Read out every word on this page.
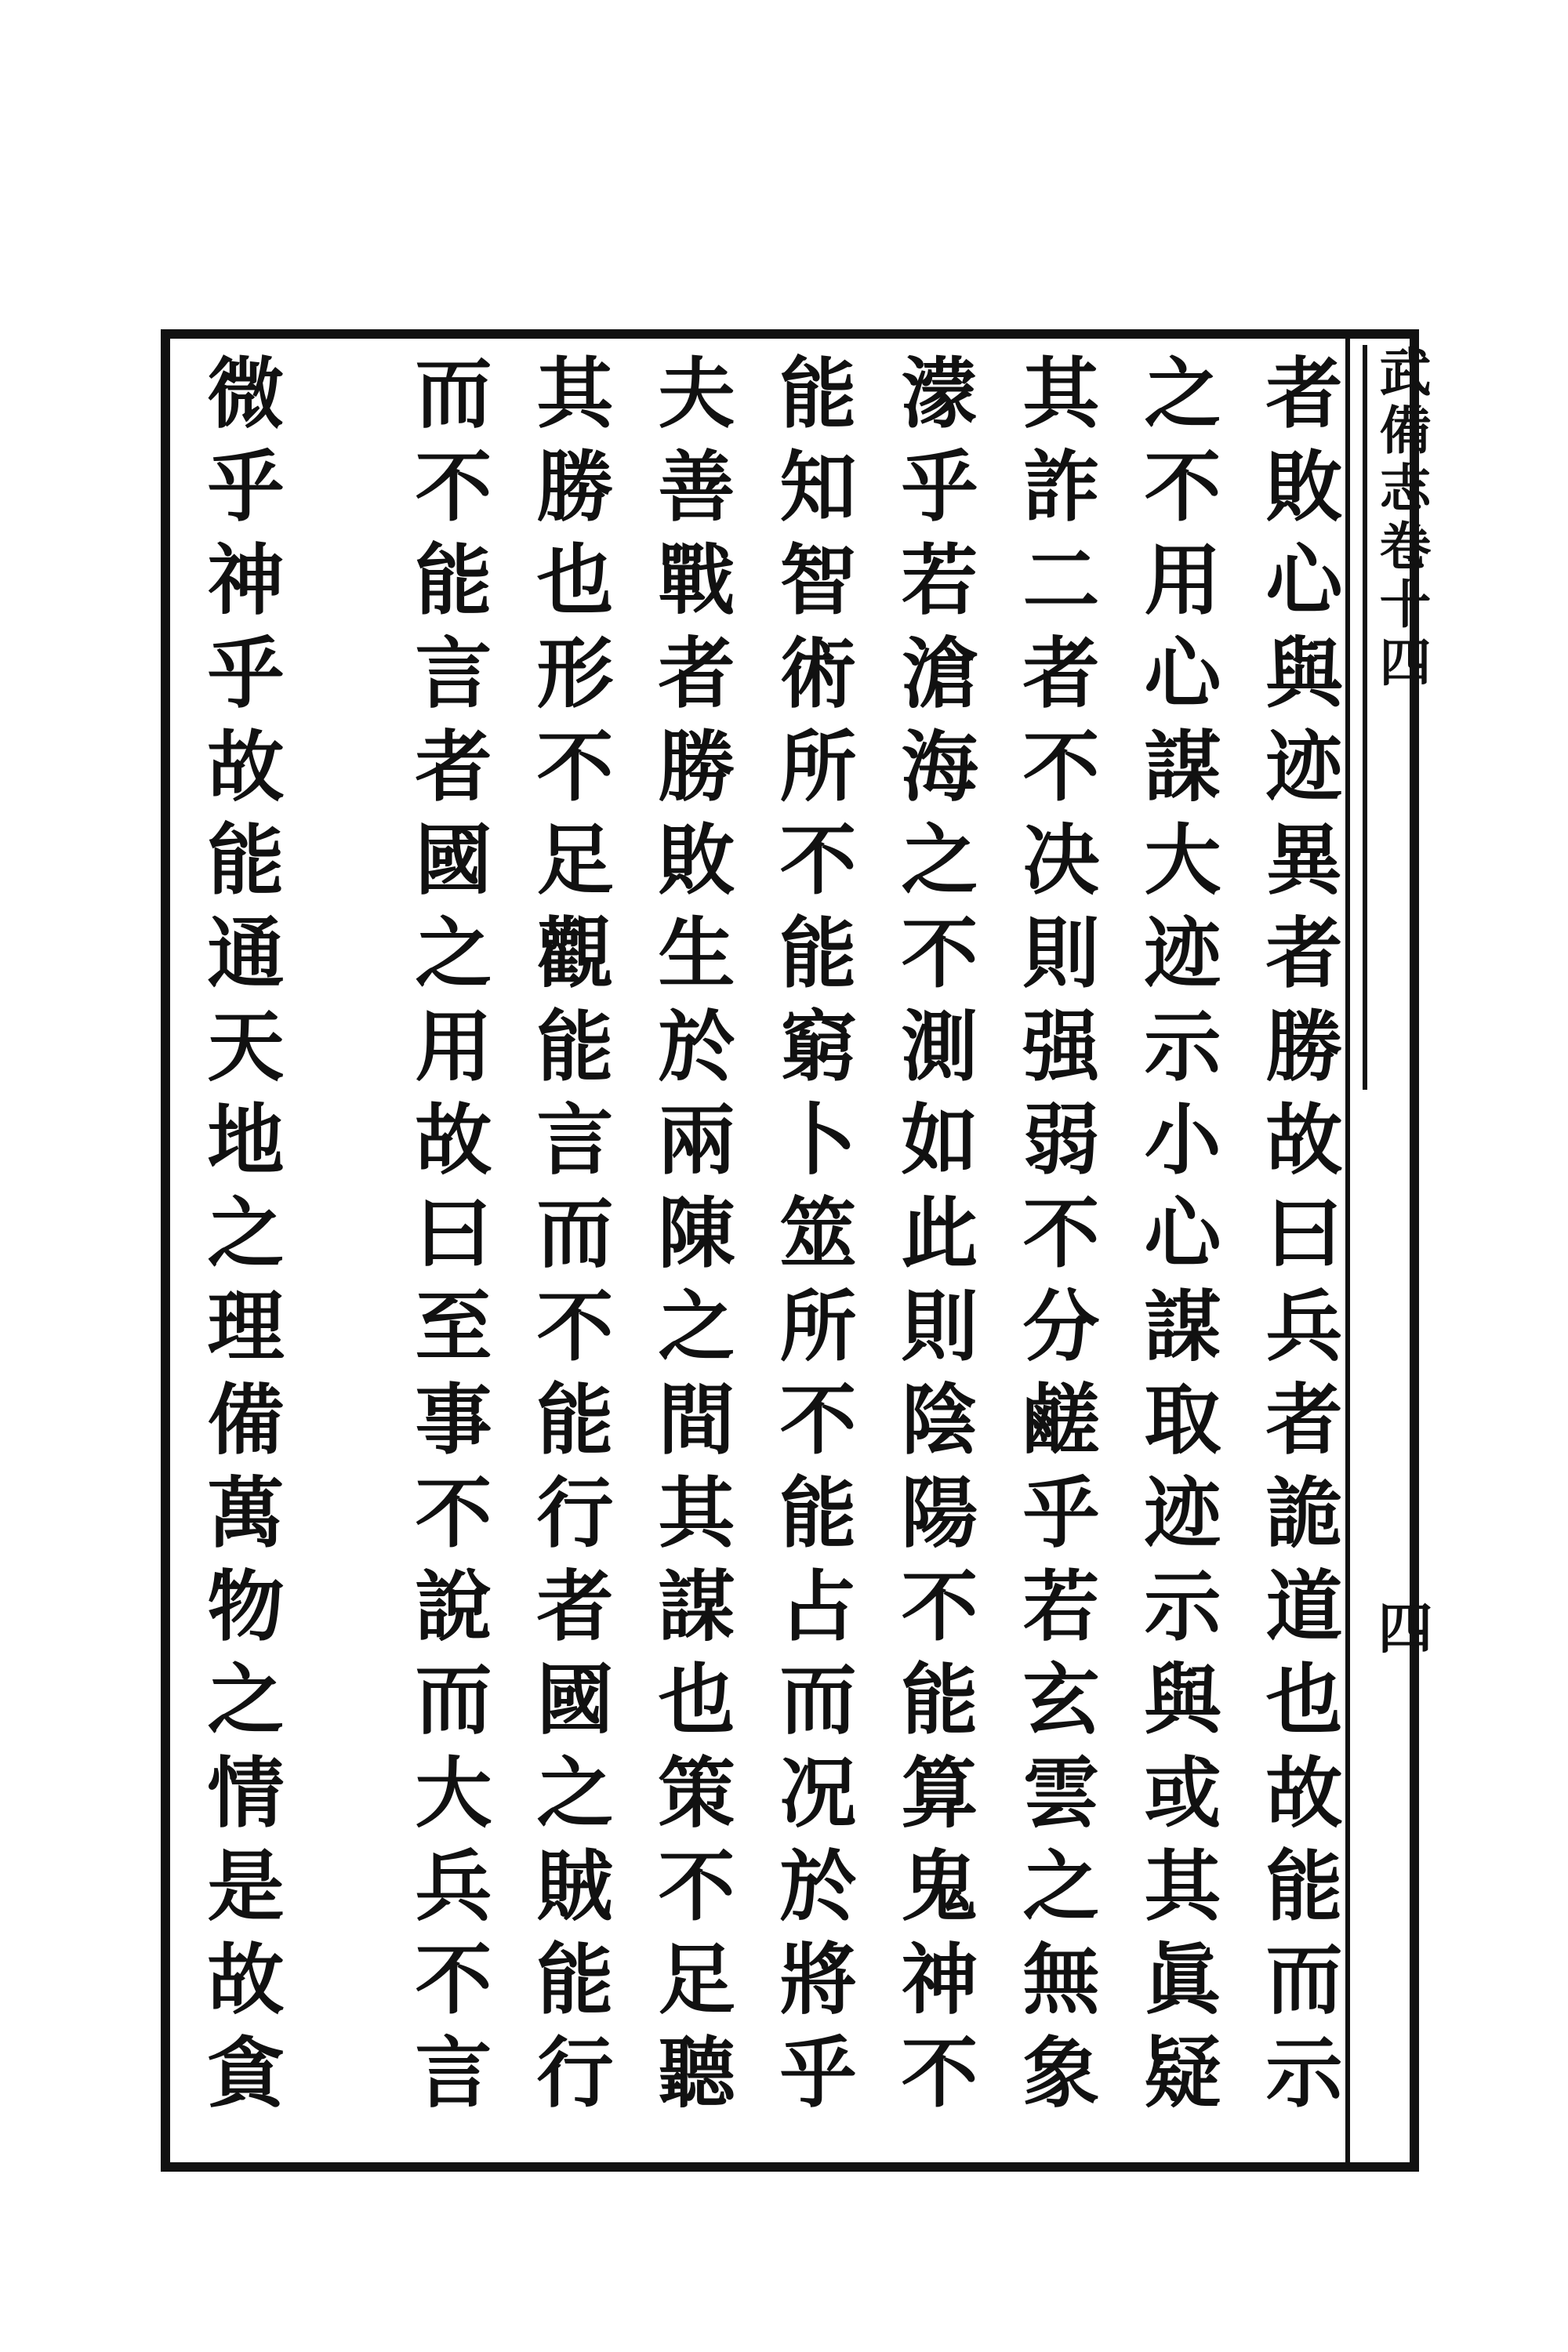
武備志卷十四
四
者敗心與迹異者勝故曰兵者詭道也故能而示
之不用心謀大迹示小心謀取迹示與或其眞疑
其詐二者不决則强弱不分鹺乎若玄雲之無象
濛乎若滄海之不測如此則陰陽不能算鬼神不
能知智術所不能窮卜筮所不能占而况於將乎
夫善戰者勝敗生於兩陳之間其謀也策不足聽
其勝也形不足觀能言而不能行者國之賊能行
而不能言者國之用故曰至事不說而大兵不言
微乎神乎故能通天地之理備萬物之情是故貪
